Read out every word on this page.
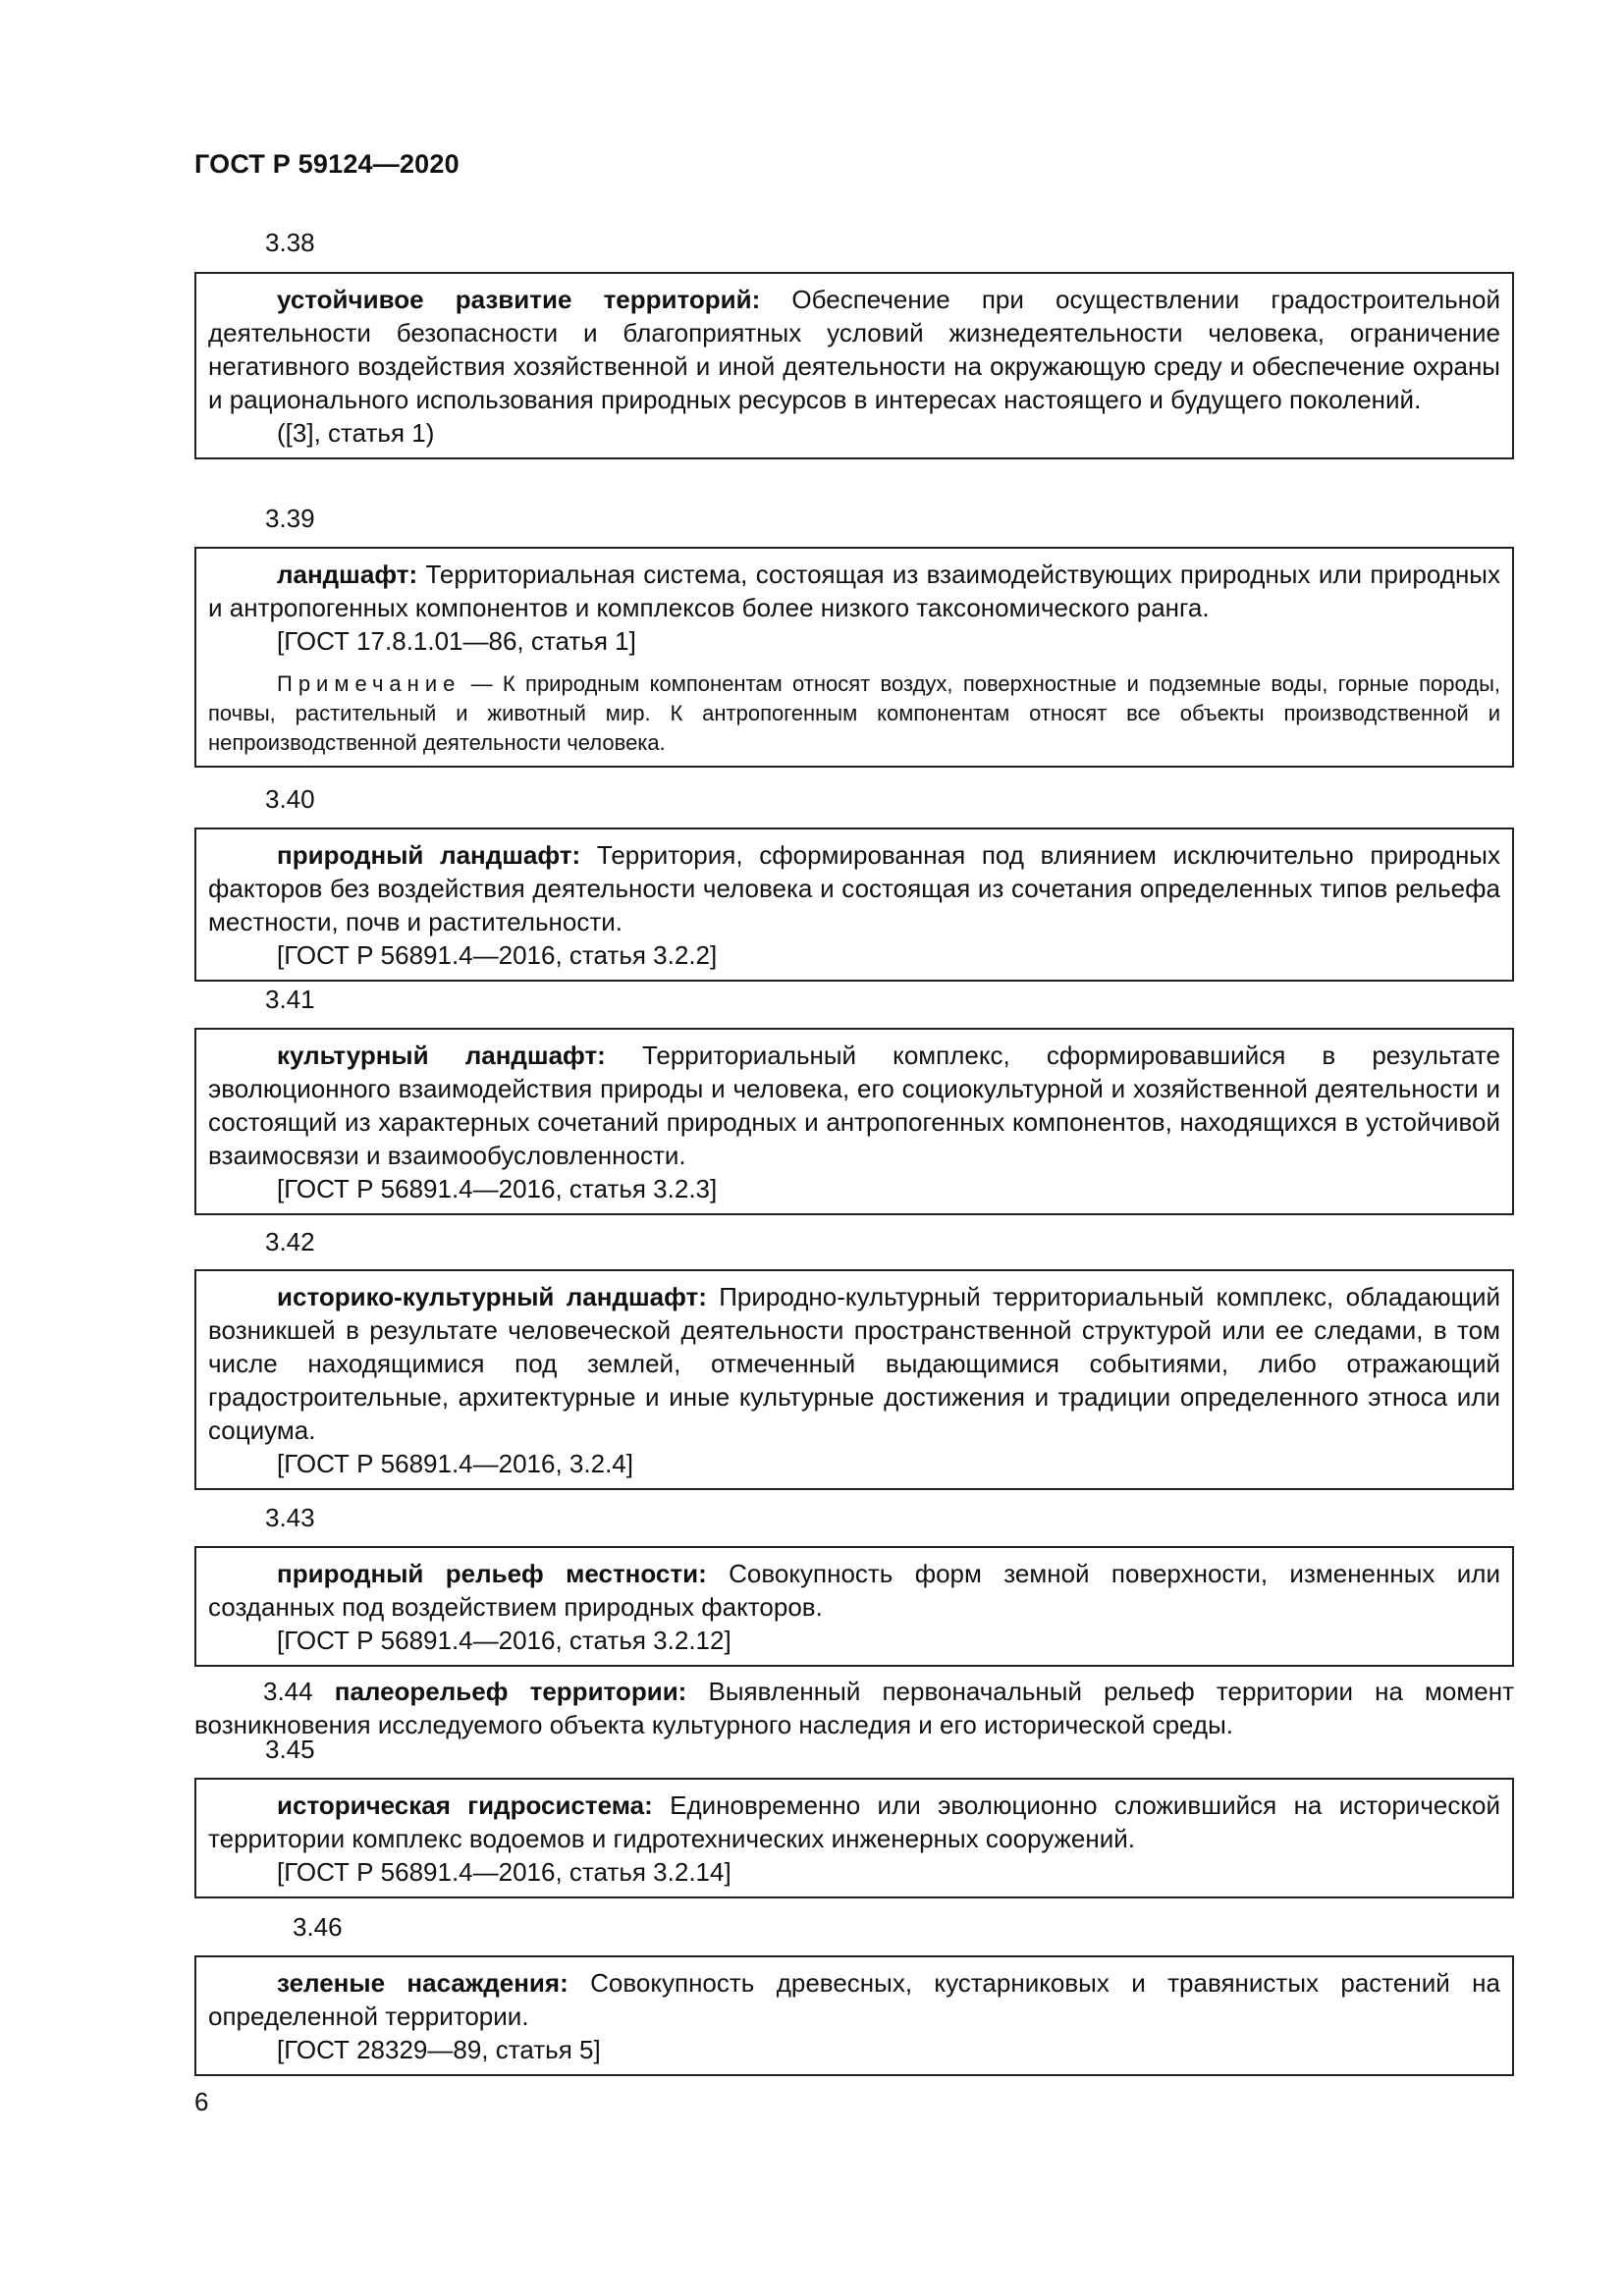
ГОСТ Р 59124—2020
3.38

устойчивое развитие территорий: Обеспечение при осуществлении градостроительной деятельности безопасности и благоприятных условий жизнедеятельности человека, ограничение негативного воздействия хозяйственной и иной деятельности на окружающую среду и обеспечение охраны и рационального использования природных ресурсов в интересах настоящего и будущего поколений.

([3], статья 1)

3.39

ландшафт: Территориальная система, состоящая из взаимодействующих природных или природных и антропогенных компонентов и комплексов более низкого таксономического ранга.

[ГОСТ 17.8.1.01—86, статья 1]

Примечание — К природным компонентам относят воздух, поверхностные и подземные воды, горные породы, почвы, растительный и животный мир. К антропогенным компонентам относят все объекты производственной и непроизводственной деятельности человека.

3.40

природный ландшафт: Территория, сформированная под влиянием исключительно природных факторов без воздействия деятельности человека и состоящая из сочетания определенных типов рельефа местности, почв и растительности.

[ГОСТ Р 56891.4—2016, статья 3.2.2]

3.41

культурный ландшафт: Территориальный комплекс, сформировавшийся в результате эволюционного взаимодействия природы и человека, его социокультурной и хозяйственной деятельности и состоящий из характерных сочетаний природных и антропогенных компонентов, находящихся в устойчивой взаимосвязи и взаимообусловленности.

[ГОСТ Р 56891.4—2016, статья 3.2.3]

3.42

историко-культурный ландшафт: Природно-культурный территориальный комплекс, обладающий возникшей в результате человеческой деятельности пространственной структурой или ее следами, в том числе находящимися под землей, отмеченный выдающимися событиями, либо отражающий градостроительные, архитектурные и иные культурные достижения и традиции определенного этноса или социума.

[ГОСТ Р 56891.4—2016, 3.2.4]

3.43

природный рельеф местности: Совокупность форм земной поверхности, измененных или созданных под воздействием природных факторов.

[ГОСТ Р 56891.4—2016, статья 3.2.12]

3.44 палеорельеф территории: Выявленный первоначальный рельеф территории на момент возникновения исследуемого объекта культурного наследия и его исторической среды.

3.45

историческая гидросистема: Единовременно или эволюционно сложившийся на исторической территории комплекс водоемов и гидротехнических инженерных сооружений.

[ГОСТ Р 56891.4—2016, статья 3.2.14]

3.46

зеленые насаждения: Совокупность древесных, кустарниковых и травянистых растений на определенной территории.

[ГОСТ 28329—89, статья 5]

6
